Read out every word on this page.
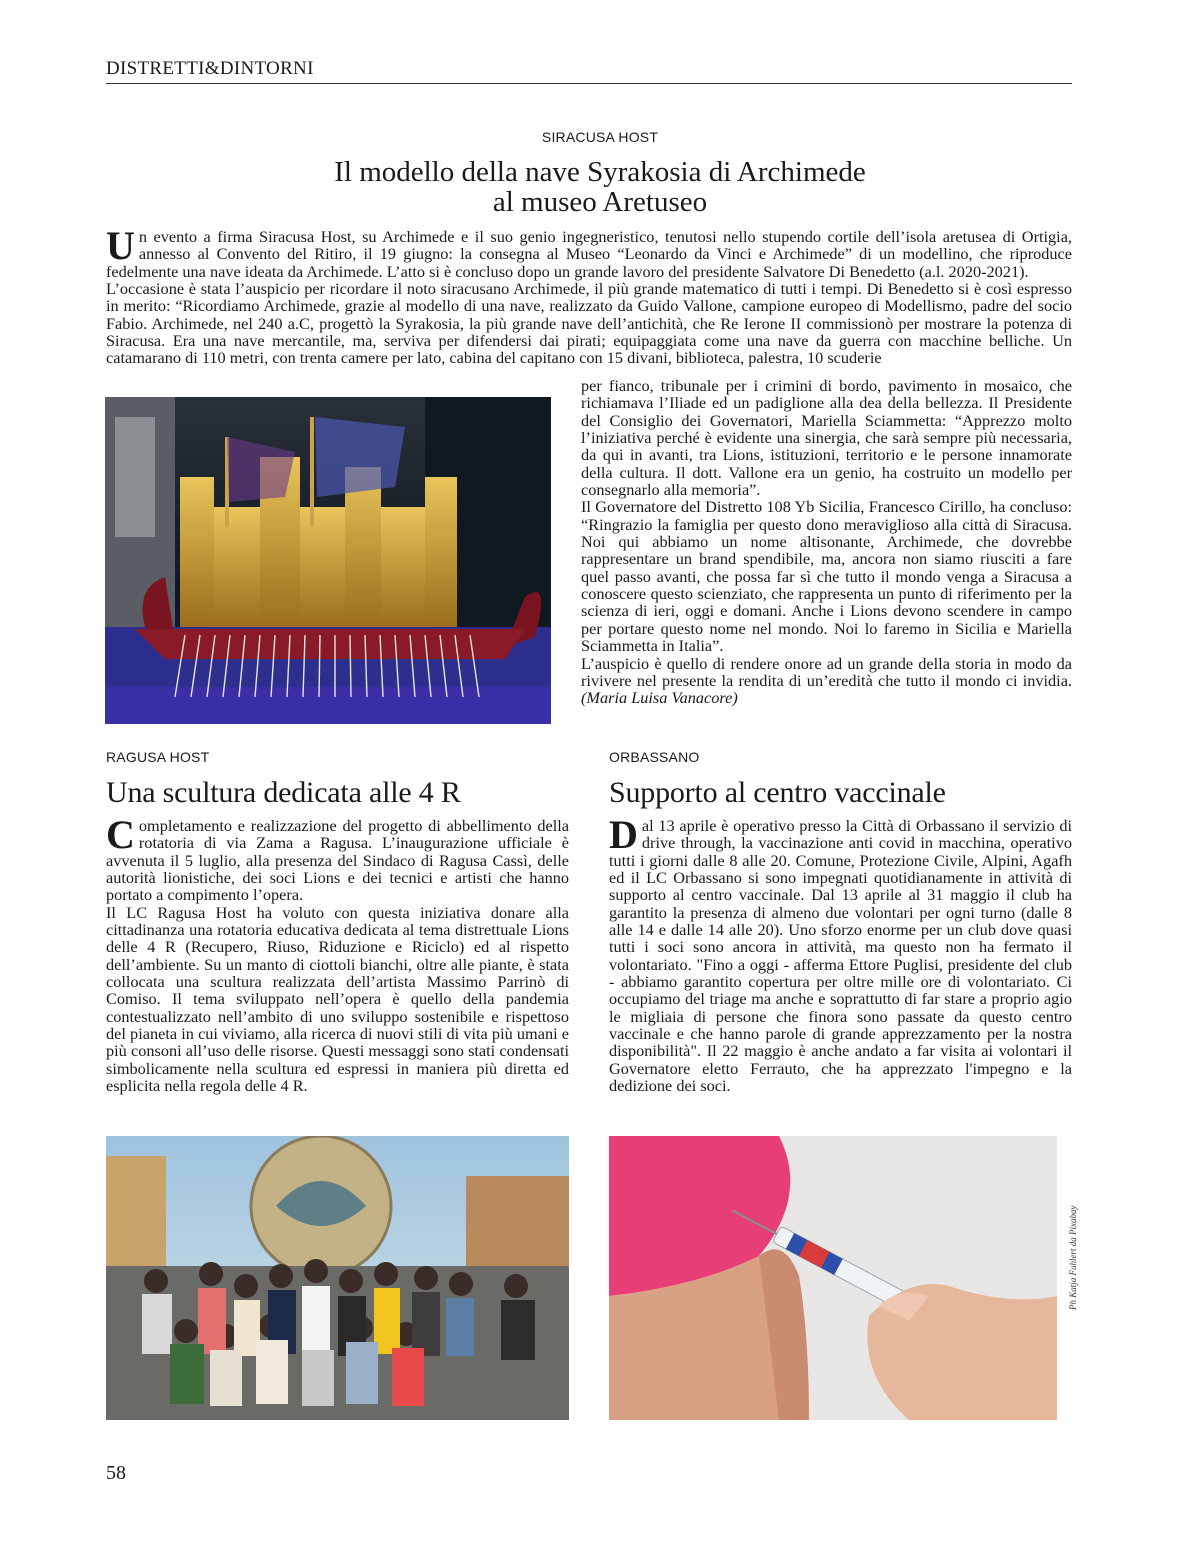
DISTRETTI&DINTORNI
SIRACUSA HOST
Il modello della nave Syrakosia di Archimede
al museo Aretuseo

Un evento a firma Siracusa Host, su Archimede e il suo genio ingegneristico, tenutosi nello stupendo cortile dell’isola aretusea di Ortigia, annesso al Convento del Ritiro, il 19 giugno: la consegna al Museo “Leonardo da Vinci e Archimede” di un modellino, che riproduce fedelmente una nave ideata da Archimede. L’atto si è concluso dopo un grande lavoro del presidente Salvatore Di Benedetto (a.l. 2020-2021).

L’occasione è stata l’auspicio per ricordare il noto siracusano Archimede, il più grande matematico di tutti i tempi. Di Benedetto si è così espresso in merito: “Ricordiamo Archimede, grazie al modello di una nave, realizzato da Guido Vallone, campione europeo di Modellismo, padre del socio Fabio. Archimede, nel 240 a.C, progettò la Syrakosia, la più grande nave dell’antichità, che Re Ierone II commissionò per mostrare la potenza di Siracusa. Era una nave mercantile, ma, serviva per difendersi dai pirati; equipaggiata come una nave da guerra con macchine belliche. Un catamarano di 110 metri, con trenta camere per lato, cabina del capitano con 15 divani, biblioteca, palestra, 10 scuderie

per fianco, tribunale per i crimini di bordo, pavimento in mosaico, che richiamava l’Iliade ed un padiglione alla dea della bellezza. Il Presidente del Consiglio dei Governatori, Mariella Sciammetta: “Apprezzo molto l’iniziativa perché è evidente una sinergia, che sarà sempre più necessaria, da qui in avanti, tra Lions, istituzioni, territorio e le persone innamorate della cultura. Il dott. Vallone era un genio, ha costruito un modello per consegnarlo alla memoria”.

Il Governatore del Distretto 108 Yb Sicilia, Francesco Cirillo, ha concluso: “Ringrazio la famiglia per questo dono meraviglioso alla città di Siracusa. Noi qui abbiamo un nome altisonante, Archimede, che dovrebbe rappresentare un brand spendibile, ma, ancora non siamo riusciti a fare quel passo avanti, che possa far sì che tutto il mondo venga a Siracusa a conoscere questo scienziato, che rappresenta un punto di riferimento per la scienza di ieri, oggi e domani. Anche i Lions devono scendere in campo per portare questo nome nel mondo. Noi lo faremo in Sicilia e Mariella Sciammetta in Italia”.

L’auspicio è quello di rendere onore ad un grande della storia in modo da rivivere nel presente la rendita di un’eredità che tutto il mondo ci invidia. (Maria Luisa Vanacore)

RAGUSA HOST
Una scultura dedicata alle 4 R

Completamento e realizzazione del progetto di abbellimento della rotatoria di via Zama a Ragusa. L’inaugurazione ufficiale è avvenuta il 5 luglio, alla presenza del Sindaco di Ragusa Cassì, delle autorità lionistiche, dei soci Lions e dei tecnici e artisti che hanno portato a compimento l’opera.

Il LC Ragusa Host ha voluto con questa iniziativa donare alla cittadinanza una rotatoria educativa dedicata al tema distrettuale Lions delle 4 R (Recupero, Riuso, Riduzione e Riciclo) ed al rispetto dell’ambiente. Su un manto di ciottoli bianchi, oltre alle piante, è stata collocata una scultura realizzata dell’artista Massimo Parrinò di Comiso. Il tema sviluppato nell’opera è quello della pandemia contestualizzato nell’ambito di uno sviluppo sostenibile e rispettoso del pianeta in cui viviamo, alla ricerca di nuovi stili di vita più umani e più consoni all’uso delle risorse. Questi messaggi sono stati condensati simbolicamente nella scultura ed espressi in maniera più diretta ed esplicita nella regola delle 4 R.

ORBASSANO
Supporto al centro vaccinale

Dal 13 aprile è operativo presso la Città di Orbassano il servizio di drive through, la vaccinazione anti covid in macchina, operativo tutti i giorni dalle 8 alle 20. Comune, Protezione Civile, Alpini, Agafh ed il LC Orbassano si sono impegnati quotidianamente in attività di supporto al centro vaccinale. Dal 13 aprile al 31 maggio il club ha garantito la presenza di almeno due volontari per ogni turno (dalle 8 alle 14 e dalle 14 alle 20). Uno sforzo enorme per un club dove quasi tutti i soci sono ancora in attività, ma questo non ha fermato il volontariato. "Fino a oggi - afferma Ettore Puglisi, presidente del club - abbiamo garantito copertura per oltre mille ore di volontariato. Ci occupiamo del triage ma anche e soprattutto di far stare a proprio agio le migliaia di persone che finora sono passate da questo centro vaccinale e che hanno parole di grande apprezzamento per la nostra disponibilità". Il 22 maggio è anche andato a far visita ai volontari il Governatore eletto Ferrauto, che ha apprezzato l'impegno e la dedizione dei soci.

Ph Katja Fuhlert da Pixabay
58
